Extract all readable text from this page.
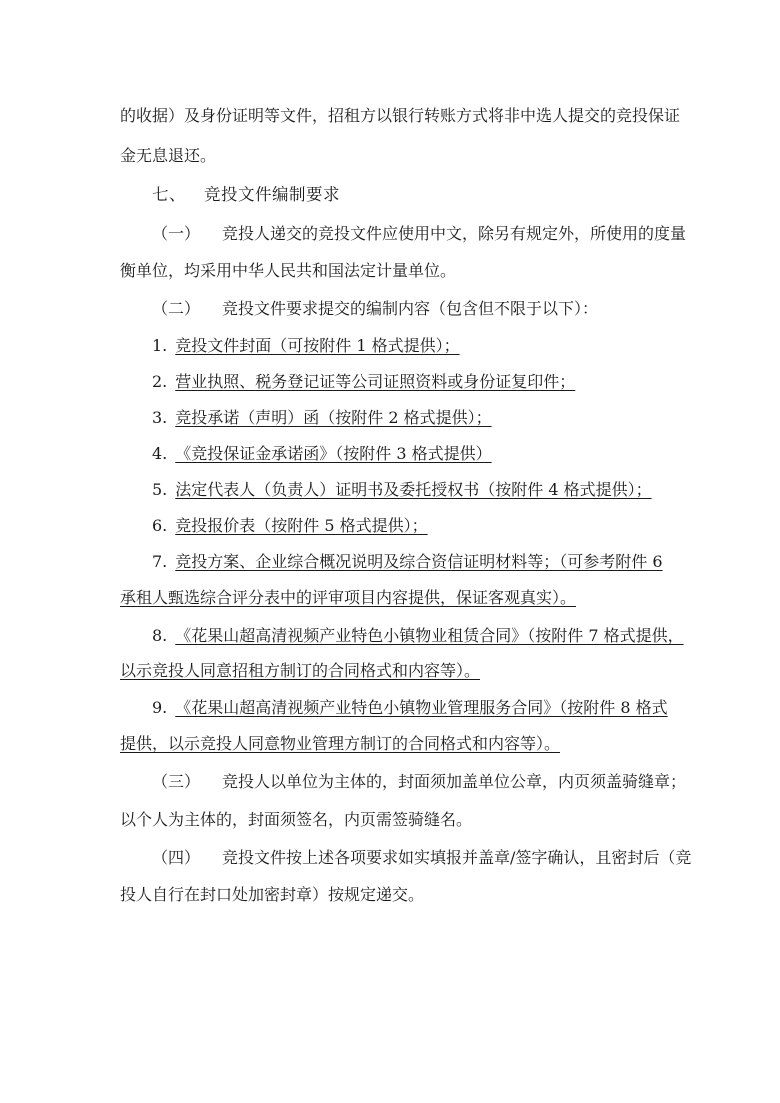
的收据）及身份证明等文件，招租方以银行转账方式将非中选人提交的竞投保证
金无息退还。
七、 竞投文件编制要求
（一） 竞投人递交的竞投文件应使用中文，除另有规定外，所使用的度量
衡单位，均采用中华人民共和国法定计量单位。
（二） 竞投文件要求提交的编制内容（包含但不限于以下）：
1. 竞投文件封面（可按附件 1 格式提供）；
2. 营业执照、税务登记证等公司证照资料或身份证复印件；
3. 竞投承诺（声明）函（按附件 2 格式提供）；
4. 《竞投保证金承诺函》（按附件 3 格式提供）
5. 法定代表人（负责人）证明书及委托授权书（按附件 4 格式提供）；
6. 竞投报价表（按附件 5 格式提供）；
7. 竞投方案、企业综合概况说明及综合资信证明材料等；（可参考附件 6
承租人甄选综合评分表中的评审项目内容提供，保证客观真实）。
8. 《花果山超高清视频产业特色小镇物业租赁合同》（按附件 7 格式提供，
以示竞投人同意招租方制订的合同格式和内容等）。
9. 《花果山超高清视频产业特色小镇物业管理服务合同》（按附件 8 格式
提供，以示竞投人同意物业管理方制订的合同格式和内容等）。
（三） 竞投人以单位为主体的，封面须加盖单位公章，内页须盖骑缝章；
以个人为主体的，封面须签名，内页需签骑缝名。
（四） 竞投文件按上述各项要求如实填报并盖章/签字确认，且密封后（竞
投人自行在封口处加密封章）按规定递交。
